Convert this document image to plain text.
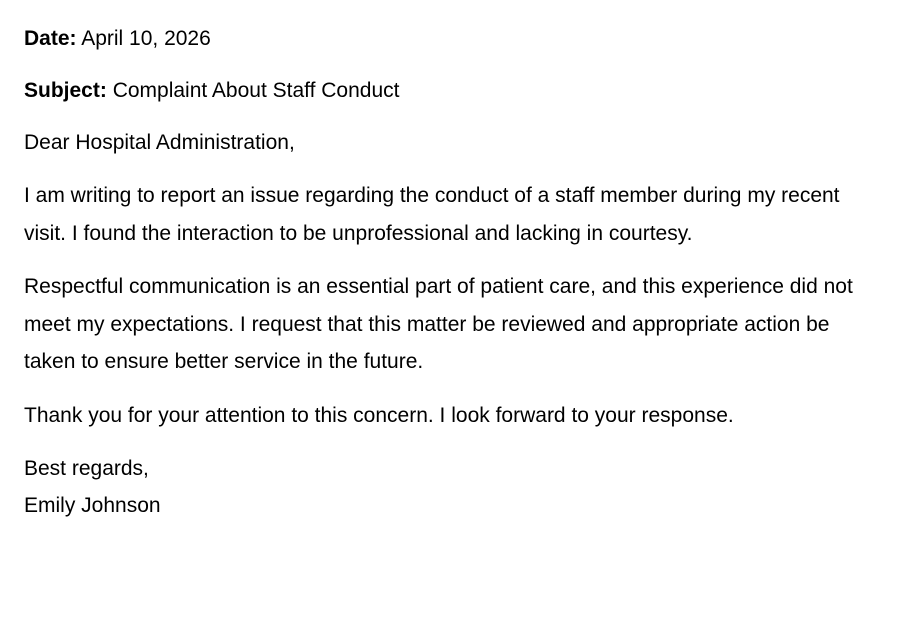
Date: April 10, 2026

Subject: Complaint About Staff Conduct

Dear Hospital Administration,

I am writing to report an issue regarding the conduct of a staff member during my recent visit. I found the interaction to be unprofessional and lacking in courtesy.

Respectful communication is an essential part of patient care, and this experience did not meet my expectations. I request that this matter be reviewed and appropriate action be taken to ensure better service in the future.

Thank you for your attention to this concern. I look forward to your response.

Best regards,

Emily Johnson
